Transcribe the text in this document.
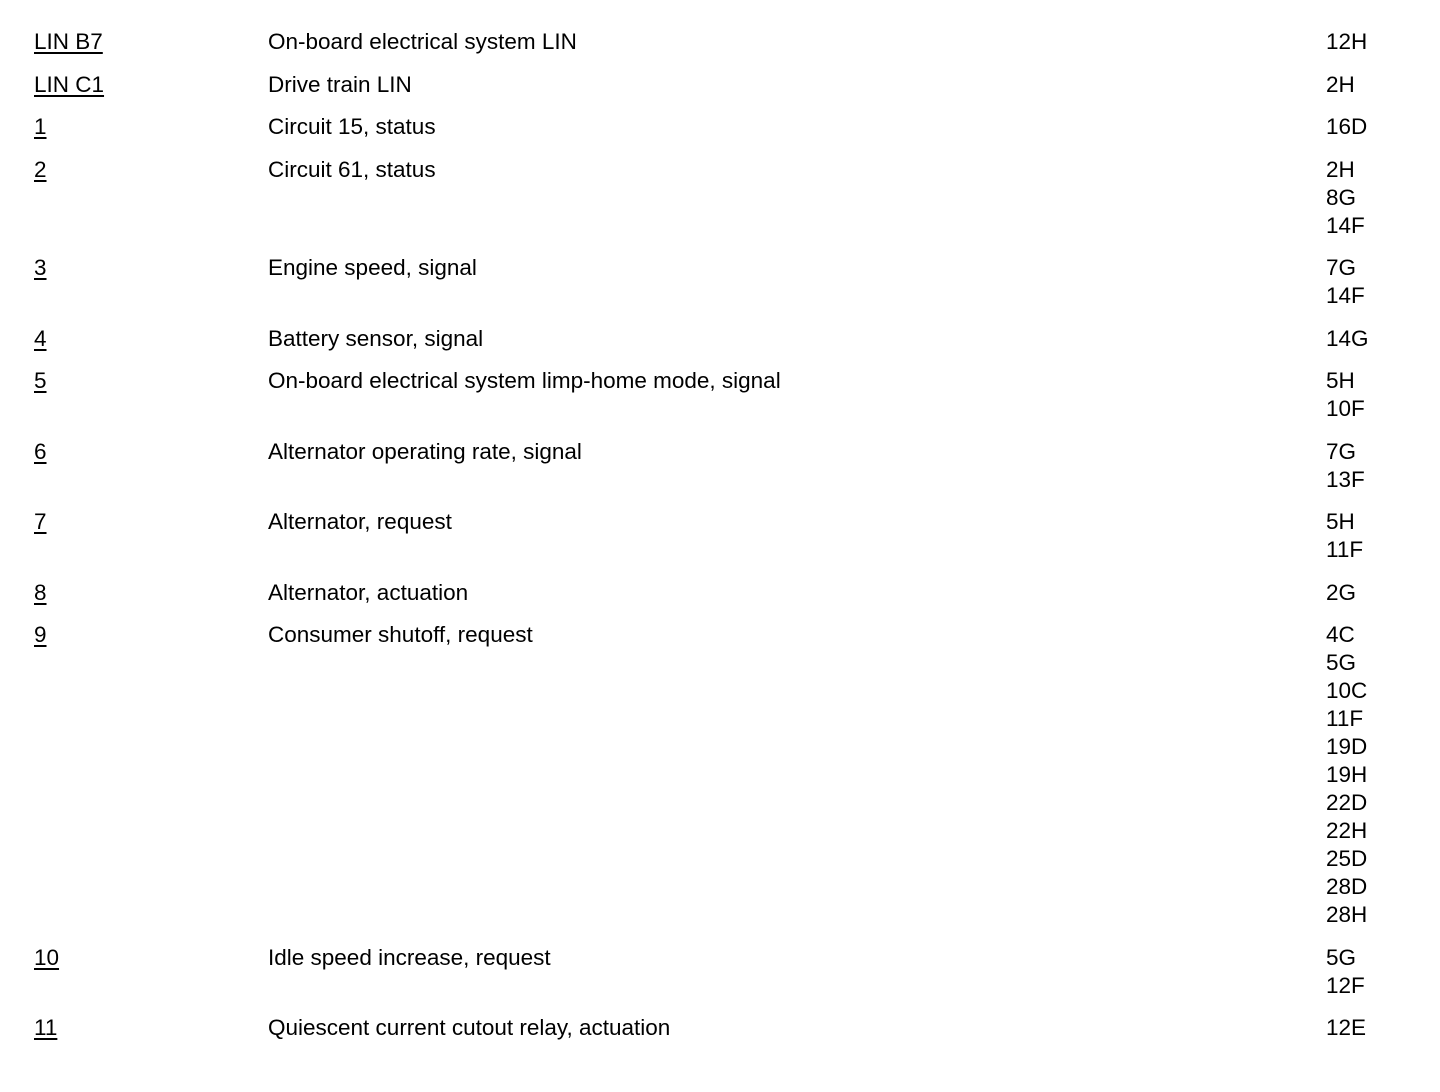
LIN B7	On-board electrical system LIN	12H
LIN C1	Drive train LIN	2H
1	Circuit 15, status	16D
2	Circuit 61, status	2H
8G
14F
3	Engine speed, signal	7G
14F
4	Battery sensor, signal	14G
5	On-board electrical system limp-home mode, signal	5H
10F
6	Alternator operating rate, signal	7G
13F
7	Alternator, request	5H
11F
8	Alternator, actuation	2G
9	Consumer shutoff, request	4C
5G
10C
11F
19D
19H
22D
22H
25D
28D
28H
10	Idle speed increase, request	5G
12F
11	Quiescent current cutout relay, actuation	12E
